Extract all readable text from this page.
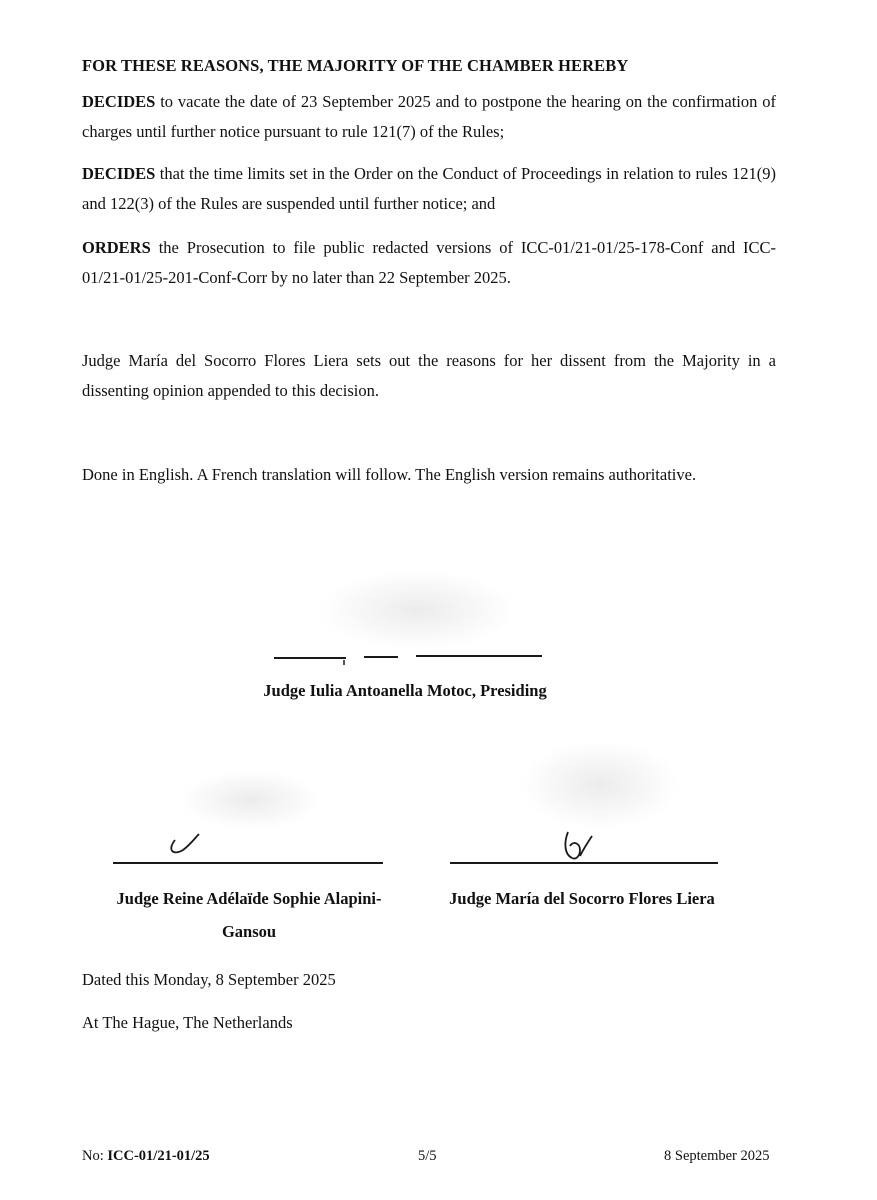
FOR THESE REASONS, THE MAJORITY OF THE CHAMBER HEREBY
DECIDES to vacate the date of 23 September 2025 and to postpone the hearing on the confirmation of charges until further notice pursuant to rule 121(7) of the Rules;
DECIDES that the time limits set in the Order on the Conduct of Proceedings in relation to rules 121(9) and 122(3) of the Rules are suspended until further notice; and
ORDERS the Prosecution to file public redacted versions of ICC-01/21-01/25-178-Conf and ICC-01/21-01/25-201-Conf-Corr by no later than 22 September 2025.
Judge María del Socorro Flores Liera sets out the reasons for her dissent from the Majority in a dissenting opinion appended to this decision.
Done in English. A French translation will follow. The English version remains authoritative.
Judge Iulia Antoanella Motoc, Presiding
Judge Reine Adélaïde Sophie Alapini-
Gansou
Judge María del Socorro Flores Liera
Dated this Monday, 8 September 2025
At The Hague, The Netherlands
No: ICC-01/21-01/25	5/5	8 September 2025
